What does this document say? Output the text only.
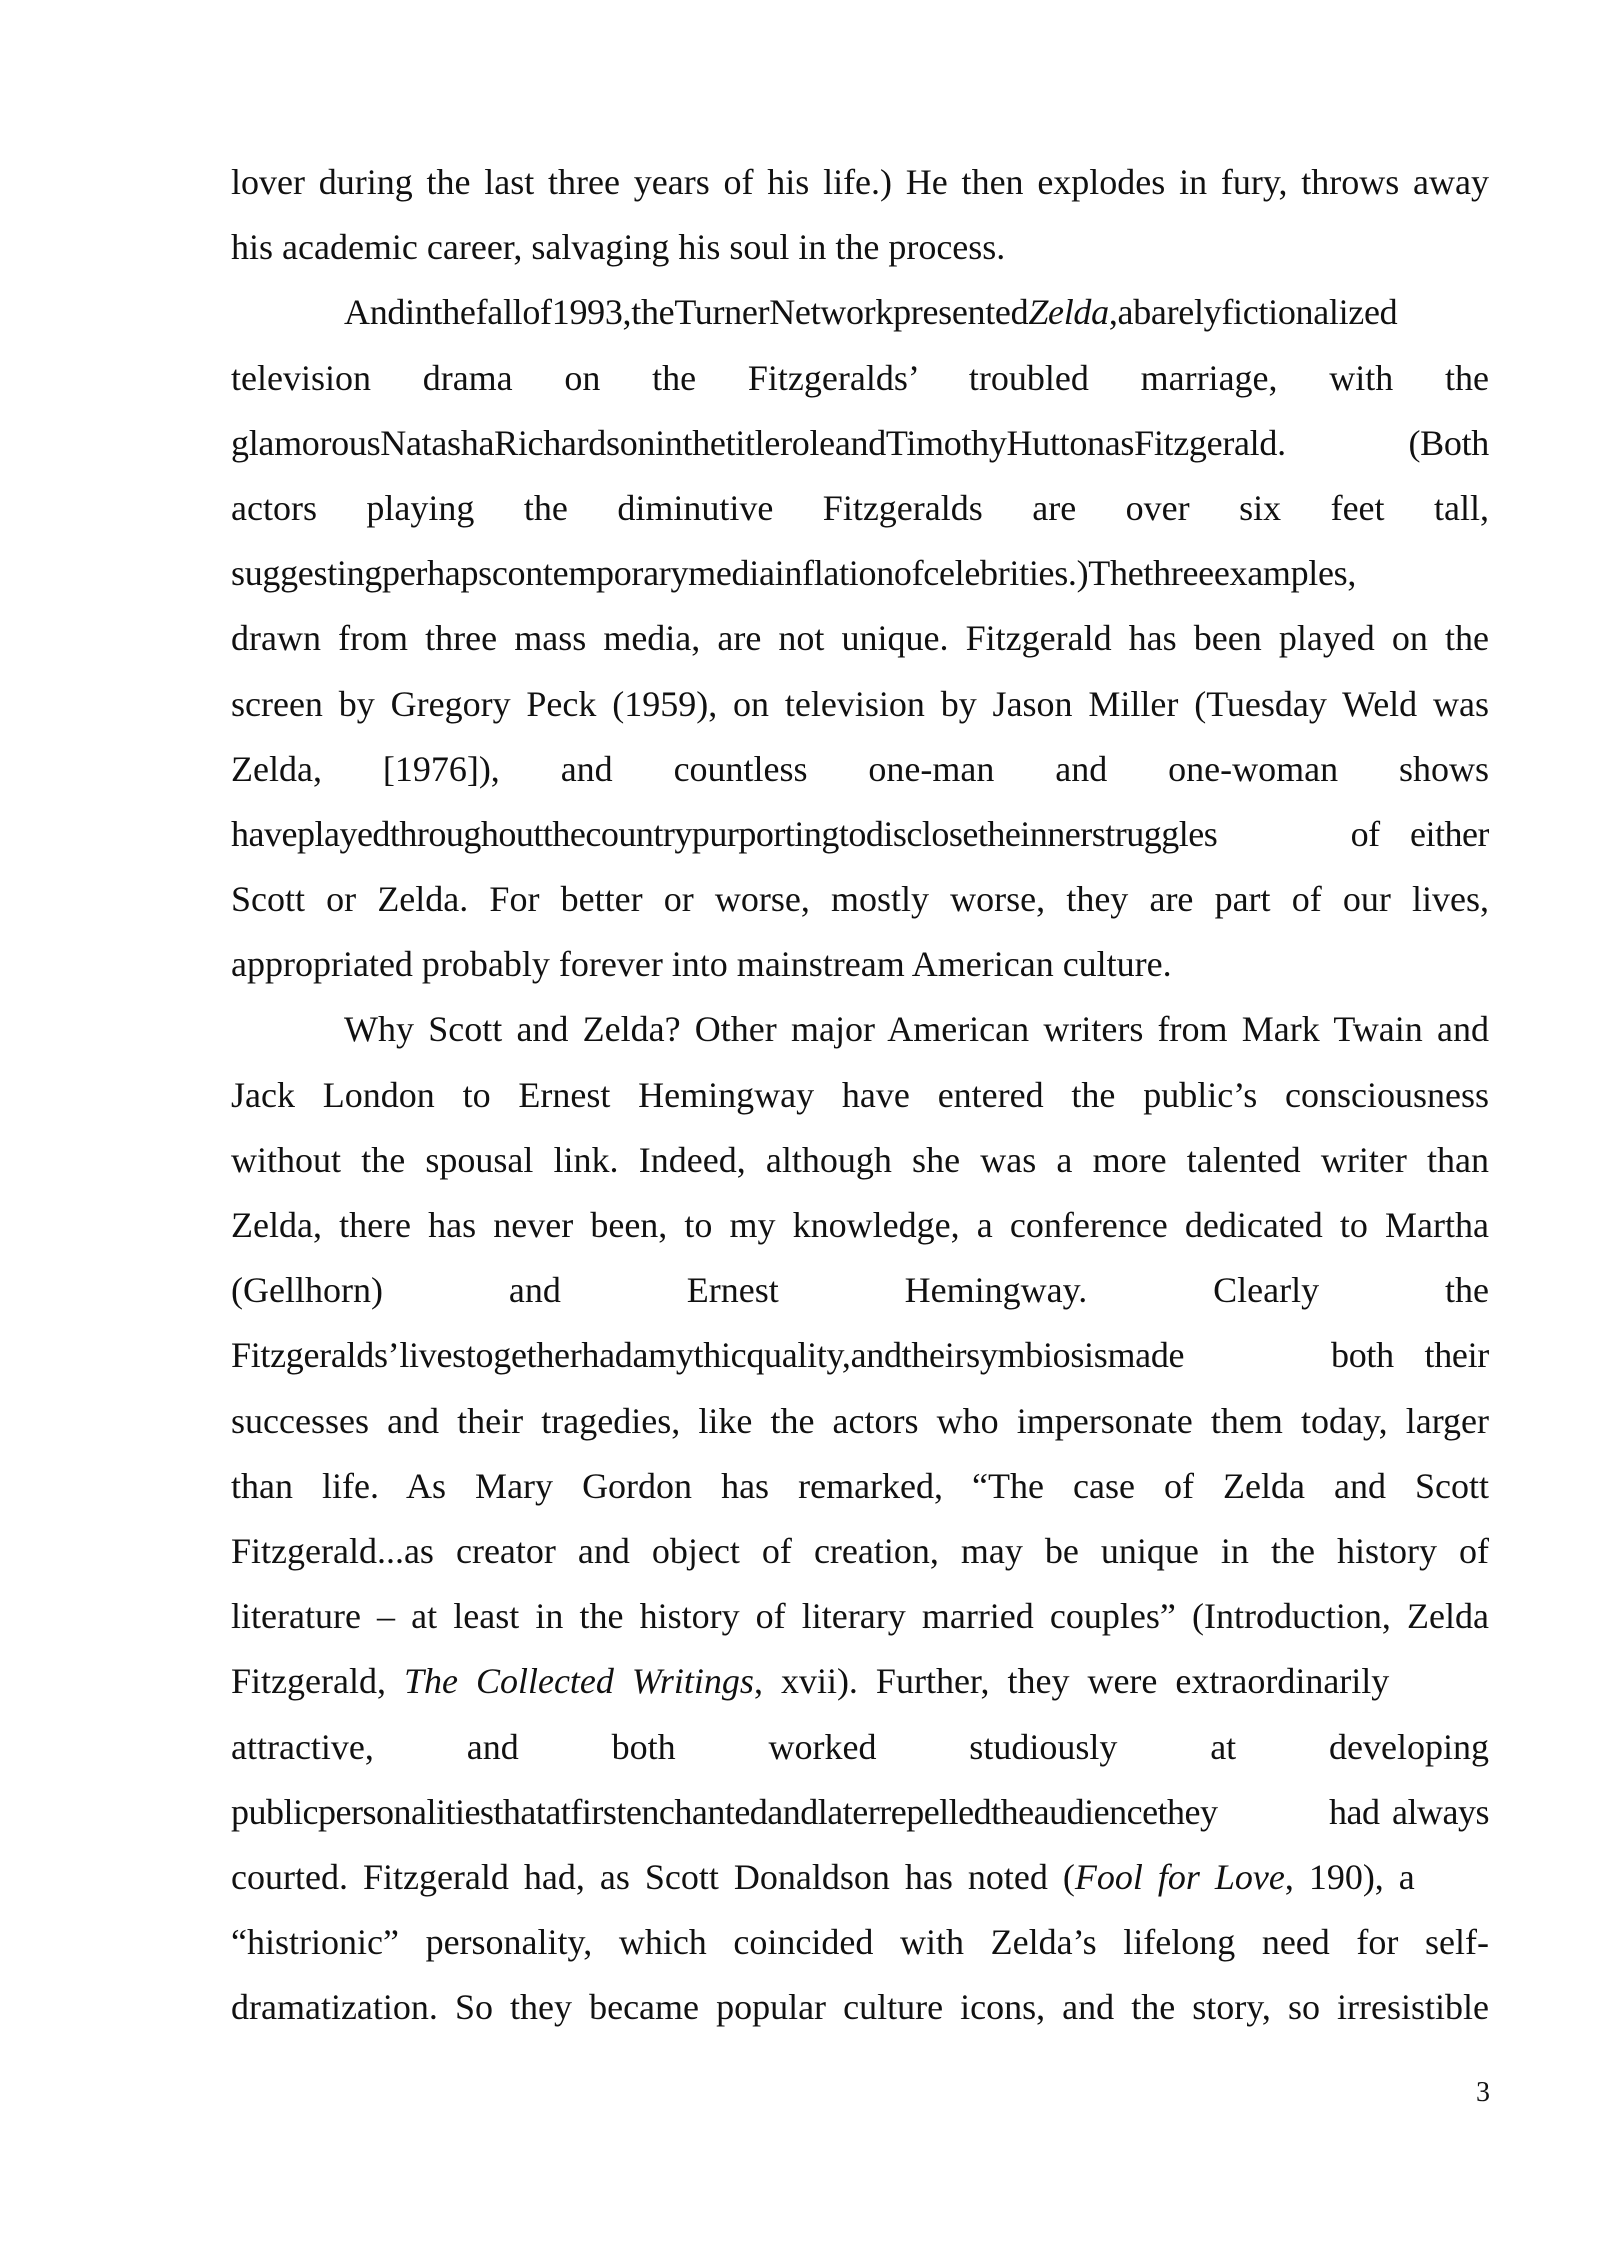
lover during the last three years of his life.) He then explodes in fury, throws away
his academic career, salvaging his soul in the process.
Andinthefallof1993,theTurnerNetworkpresentedZelda,abarelyfictionalized
television drama on the Fitzgeralds’ troubled marriage, with the
glamorousNatashaRichardsoninthetitleroleandTimothyHuttonasFitzgerald.	(Both
actors playing the diminutive Fitzgeralds are over six feet tall,
suggestingperhapscontemporarymediainflationofcelebrities.)Thethreeexamples,
drawn from three mass media, are not unique. Fitzgerald has been played on the
screen by Gregory Peck (1959), on television by Jason Miller (Tuesday Weld was
Zelda, [1976]), and countless one-man and one-woman shows
haveplayedthroughoutthecountrypurportingtodisclosetheinnerstruggles	of either
Scott or Zelda. For better or worse, mostly worse, they are part of our lives,
appropriated probably forever into mainstream American culture.
Why Scott and Zelda? Other major American writers from Mark Twain and
Jack London to Ernest Hemingway have entered the public’s consciousness
without the spousal link. Indeed, although she was a more talented writer than
Zelda, there has never been, to my knowledge, a conference dedicated to Martha
(Gellhorn) and Ernest Hemingway. Clearly the
Fitzgeralds’livestogetherhadamythicquality,andtheirsymbiosismade	both their
successes and their tragedies, like the actors who impersonate them today, larger
than life. As Mary Gordon has remarked, “The case of Zelda and Scott
Fitzgerald...as creator and object of creation, may be unique in the history of
literature – at least in the history of literary married couples” (Introduction, Zelda
Fitzgerald, The Collected Writings, xvii). Further, they were extraordinarily
attractive, and both worked studiously at developing
publicpersonalitiesthatatfirstenchantedandlaterrepelledtheaudiencethey	had always
courted. Fitzgerald had, as Scott Donaldson has noted (Fool for Love, 190), a
“histrionic” personality, which coincided with Zelda’s lifelong need for self-
dramatization. So they became popular culture icons, and the story, so irresistible
3
